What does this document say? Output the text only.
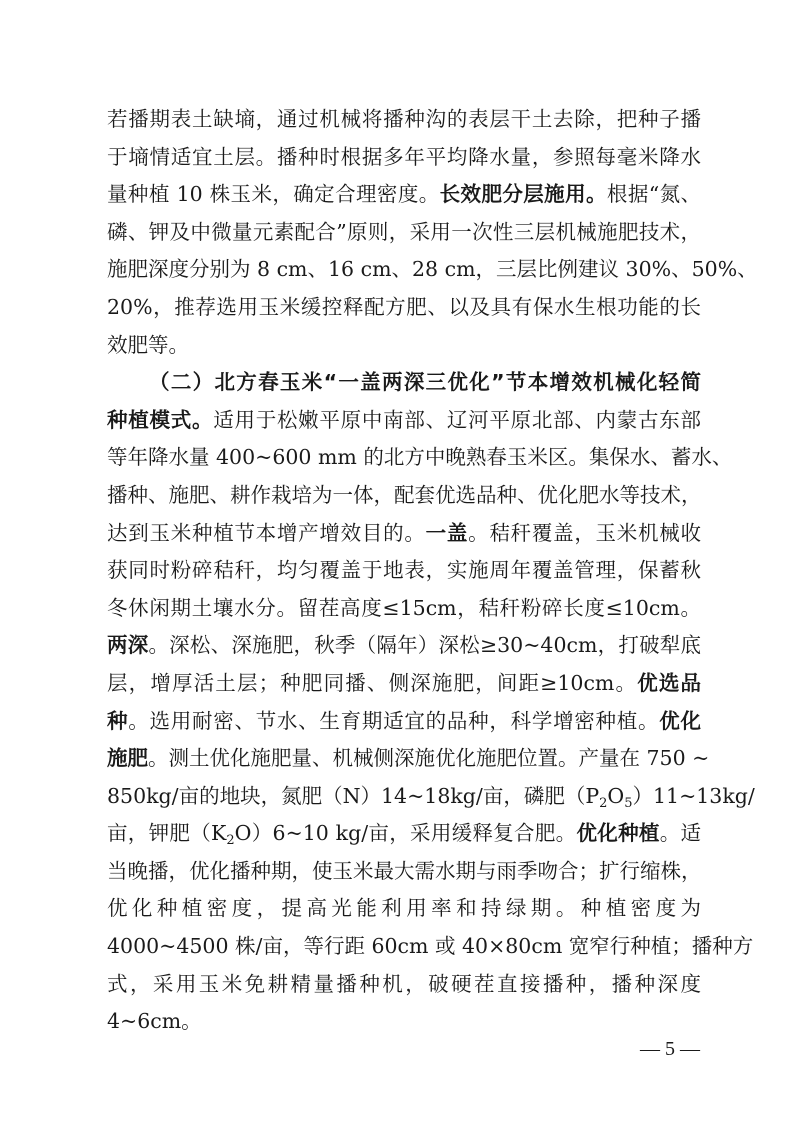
若播期表土缺墒，通过机械将播种沟的表层干土去除，把种子播
于墒情适宜土层。播种时根据多年平均降水量，参照每毫米降水
量种植 10 株玉米，确定合理密度。长效肥分层施用。根据“氮、
磷、钾及中微量元素配合”原则，采用一次性三层机械施肥技术，
施肥深度分别为 8 cm、16 cm、28 cm，三层比例建议 30%、50%、
20%，推荐选用玉米缓控释配方肥、以及具有保水生根功能的长
效肥等。
（二）北方春玉米“一盖两深三优化”节本增效机械化轻简
种植模式。适用于松嫩平原中南部、辽河平原北部、内蒙古东部
等年降水量 400~600 mm 的北方中晚熟春玉米区。集保水、蓄水、
播种、施肥、耕作栽培为一体，配套优选品种、优化肥水等技术，
达到玉米种植节本增产增效目的。一盖。秸秆覆盖，玉米机械收
获同时粉碎秸秆，均匀覆盖于地表，实施周年覆盖管理，保蓄秋
冬休闲期土壤水分。留茬高度≤15cm，秸秆粉碎长度≤10cm。
两深。深松、深施肥，秋季（隔年）深松≥30~40cm，打破犁底
层，增厚活土层；种肥同播、侧深施肥，间距≥10cm。优选品
种。选用耐密、节水、生育期适宜的品种，科学增密种植。优化
施肥。测土优化施肥量、机械侧深施优化施肥位置。产量在 750 ~
850kg/亩的地块，氮肥（N）14~18kg/亩，磷肥$(P_2O_5)11\sim 13kg/$
亩，钾肥$(K_2O)6\sim 10$ kg/亩，采用缓释复合肥。优化种植。适
当晚播，优化播种期，使玉米最大需水期与雨季吻合；扩行缩株，
优化种植密度，提高光能利用率和持绿期。种植密度为
4000~4500 株/亩，等行距 60cm 或 40×80cm 宽窄行种植；播种方
式，采用玉米免耕精量播种机，破硬茬直接播种，播种深度
4~6cm。
— 5 —
